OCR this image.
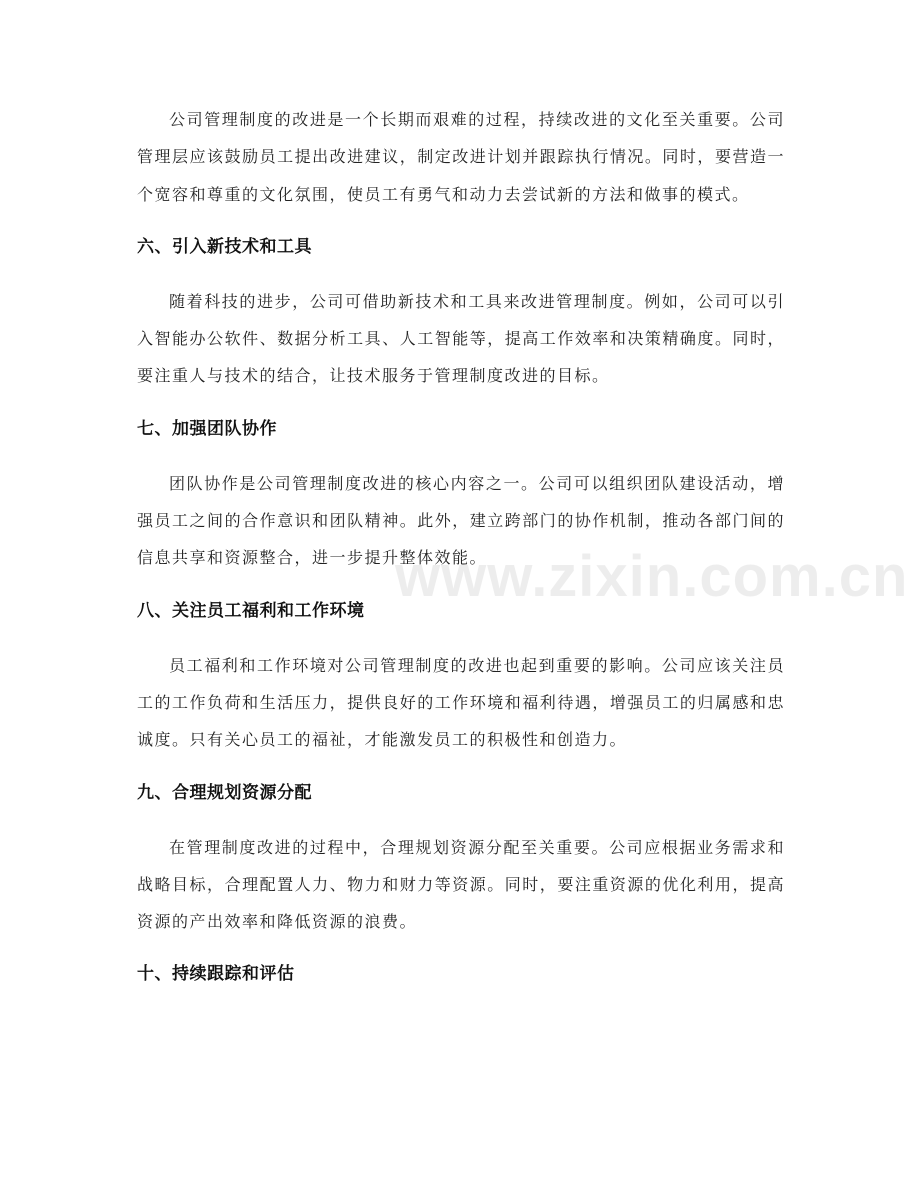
公司管理制度的改进是一个长期而艰难的过程，持续改进的文化至关重要。公司管理层应该鼓励员工提出改进建议，制定改进计划并跟踪执行情况。同时，要营造一个宽容和尊重的文化氛围，使员工有勇气和动力去尝试新的方法和做事的模式。

六、引入新技术和工具

随着科技的进步，公司可借助新技术和工具来改进管理制度。例如，公司可以引入智能办公软件、数据分析工具、人工智能等，提高工作效率和决策精确度。同时，要注重人与技术的结合，让技术服务于管理制度改进的目标。

七、加强团队协作

团队协作是公司管理制度改进的核心内容之一。公司可以组织团队建设活动，增强员工之间的合作意识和团队精神。此外，建立跨部门的协作机制，推动各部门间的信息共享和资源整合，进一步提升整体效能。

八、关注员工福利和工作环境

员工福利和工作环境对公司管理制度的改进也起到重要的影响。公司应该关注员工的工作负荷和生活压力，提供良好的工作环境和福利待遇，增强员工的归属感和忠诚度。只有关心员工的福祉，才能激发员工的积极性和创造力。

九、合理规划资源分配

在管理制度改进的过程中，合理规划资源分配至关重要。公司应根据业务需求和战略目标，合理配置人力、物力和财力等资源。同时，要注重资源的优化利用，提高资源的产出效率和降低资源的浪费。

十、持续跟踪和评估
www.zixin.com.cn
